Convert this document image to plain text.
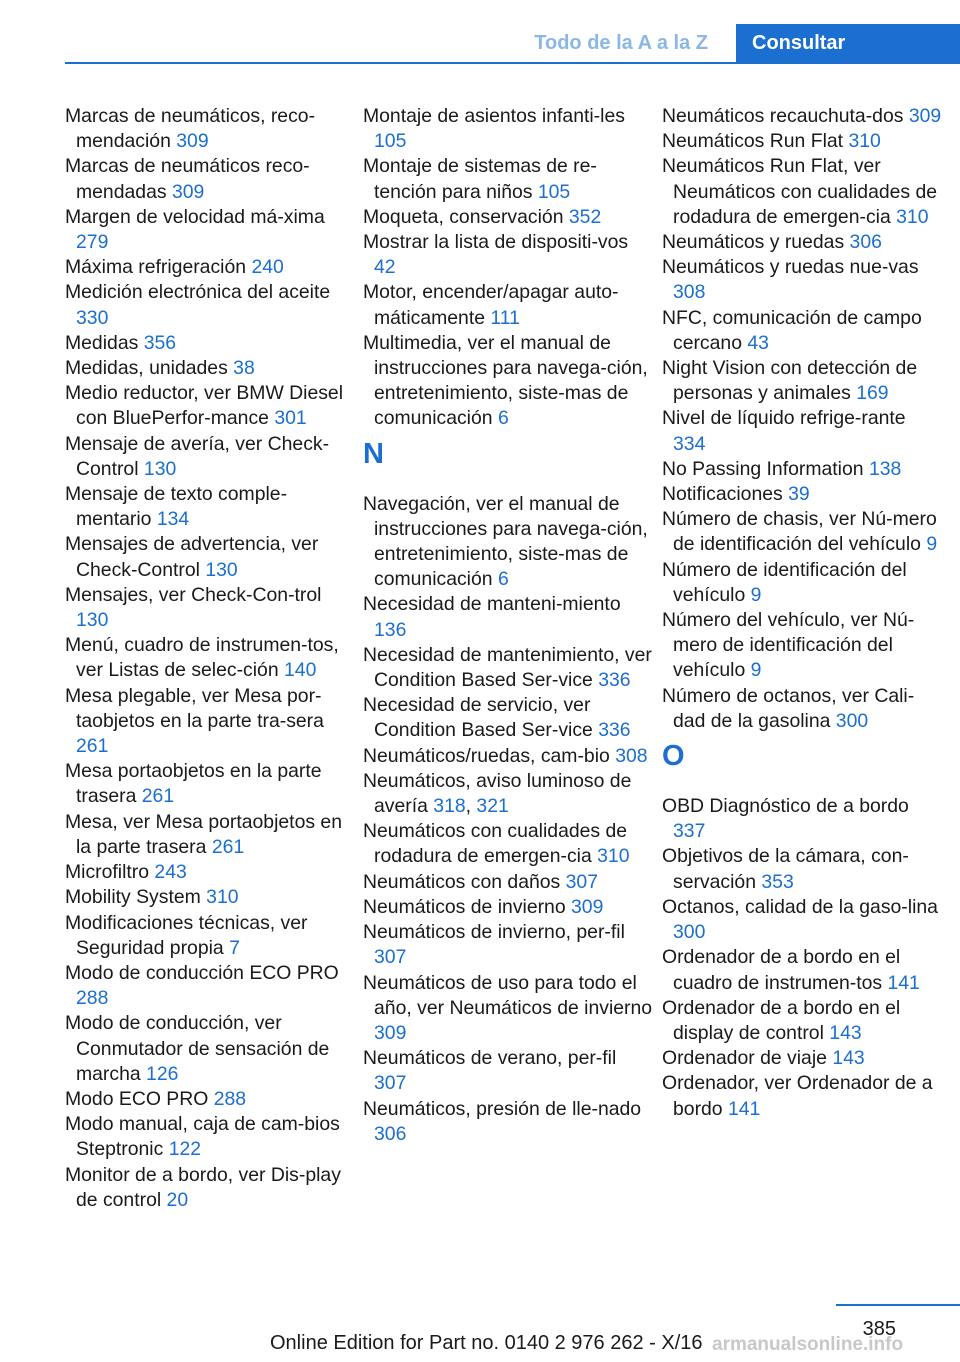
Todo de la A a la Z	Consultar
Marcas de neumáticos, reco-mendación 309
Marcas de neumáticos reco-mendadas 309
Margen de velocidad má-xima 279
Máxima refrigeración 240
Medición electrónica del aceite 330
Medidas 356
Medidas, unidades 38
Medio reductor, ver BMW Diesel con BluePerfor-mance 301
Mensaje de avería, ver Check-Control 130
Mensaje de texto comple-mentario 134
Mensajes de advertencia, ver Check-Control 130
Mensajes, ver Check-Con-trol 130
Menú, cuadro de instrumen-tos, ver Listas de selec-ción 140
Mesa plegable, ver Mesa por-taobjetos en la parte tra-sera 261
Mesa portaobjetos en la parte trasera 261
Mesa, ver Mesa portaobjetos en la parte trasera 261
Microfiltro 243
Mobility System 310
Modificaciones técnicas, ver Seguridad propia 7
Modo de conducción ECO PRO 288
Modo de conducción, ver Conmutador de sensación de marcha 126
Modo ECO PRO 288
Modo manual, caja de cam-bios Steptronic 122
Monitor de a bordo, ver Dis-play de control 20
Montaje de asientos infanti-les 105
Montaje de sistemas de re-tención para niños 105
Moqueta, conservación 352
Mostrar la lista de dispositi-vos 42
Motor, encender/apagar auto-máticamente 111
Multimedia, ver el manual de instrucciones para navega-ción, entretenimiento, siste-mas de comunicación 6
N
Navegación, ver el manual de instrucciones para navega-ción, entretenimiento, siste-mas de comunicación 6
Necesidad de manteni-miento 136
Necesidad de mantenimiento, ver Condition Based Ser-vice 336
Necesidad de servicio, ver Condition Based Ser-vice 336
Neumáticos/ruedas, cam-bio 308
Neumáticos, aviso luminoso de avería 318, 321
Neumáticos con cualidades de rodadura de emergen-cia 310
Neumáticos con daños 307
Neumáticos de invierno 309
Neumáticos de invierno, per-fil 307
Neumáticos de uso para todo el año, ver Neumáticos de invierno 309
Neumáticos de verano, per-fil 307
Neumáticos, presión de lle-nado 306
Neumáticos recauchuta-dos 309
Neumáticos Run Flat 310
Neumáticos Run Flat, ver Neumáticos con cualidades de rodadura de emergen-cia 310
Neumáticos y ruedas 306
Neumáticos y ruedas nue-vas 308
NFC, comunicación de campo cercano 43
Night Vision con detección de personas y animales 169
Nivel de líquido refrige-rante 334
No Passing Information 138
Notificaciones 39
Número de chasis, ver Nú-mero de identificación del vehículo 9
Número de identificación del vehículo 9
Número del vehículo, ver Nú-mero de identificación del vehículo 9
Número de octanos, ver Cali-dad de la gasolina 300
O
OBD Diagnóstico de a bordo 337
Objetivos de la cámara, con-servación 353
Octanos, calidad de la gaso-lina 300
Ordenador de a bordo en el cuadro de instrumen-tos 141
Ordenador de a bordo en el display de control 143
Ordenador de viaje 143
Ordenador, ver Ordenador de a bordo 141
385
Online Edition for Part no. 0140 2 976 262 - X/16 armanualsonline.info
